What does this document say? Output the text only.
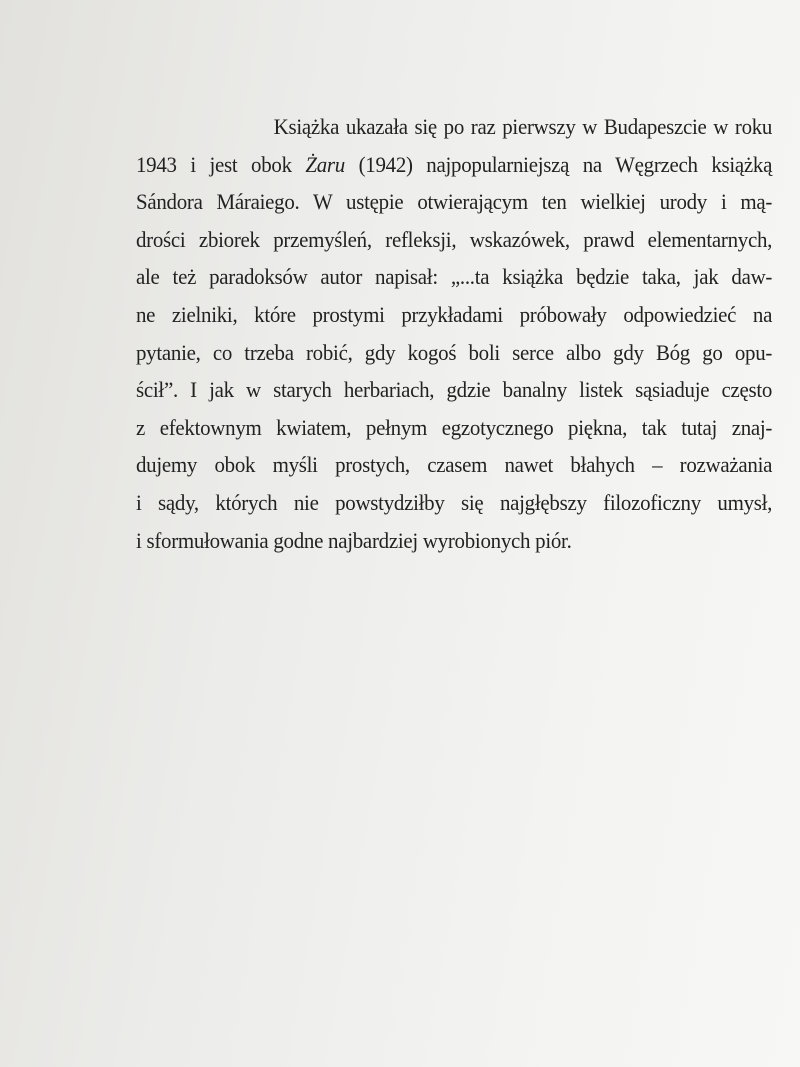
Książka ukazała się po raz pierwszy w Budapeszcie w roku
1943 i jest obok Żaru (1942) najpopularniejszą na Węgrzech książką
Sándora Máraiego. W ustępie otwierającym ten wielkiej urody i mą-
drości zbiorek przemyśleń, refleksji, wskazówek, prawd elementarnych,
ale też paradoksów autor napisał: „...ta książka będzie taka, jak daw-
ne zielniki, które prostymi przykładami próbowały odpowiedzieć na
pytanie, co trzeba robić, gdy kogoś boli serce albo gdy Bóg go opu-
ścił”. I jak w starych herbariach, gdzie banalny listek sąsiaduje często
z efektownym kwiatem, pełnym egzotycznego piękna, tak tutaj znaj-
dujemy obok myśli prostych, czasem nawet błahych – rozważania
i sądy, których nie powstydziłby się najgłębszy filozoficzny umysł,
i sformułowania godne najbardziej wyrobionych piór.
